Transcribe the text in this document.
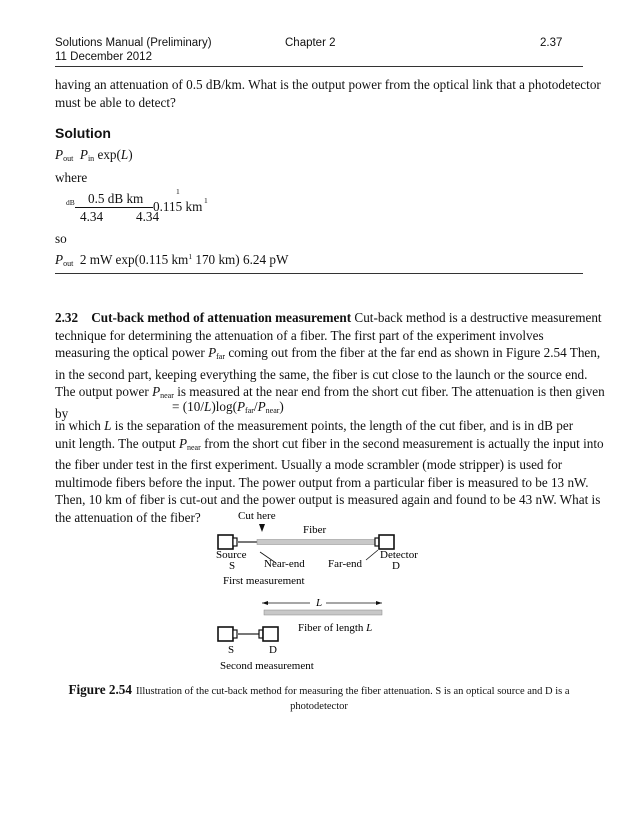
Solutions Manual (Preliminary)
11 December 2012
Chapter 2	2.37
having an attenuation of 0.5 dB/km. What is the output power from the optical link that a photodetector
must be able to detect?
Solution
$P_{out}$ $P_{in}$ exp(L)
where
dB 0.5 dB km	1
4.34 4.34
0.115 km 1
so
$P_{out}$ 2 mW exp(0.115 $km^1$ 170 km) 6.24 pW
2.32 Cut-back method of attenuation measurement Cut-back method is a destructive measurement
technique for determining the attenuation of a fiber. The first part of the experiment involves
measuring the optical power $P_{far}$ coming out from the fiber at the far end as shown in Figure 2.54 Then,
in the second part, keeping everything the same, the fiber is cut close to the launch or the source end.
The output power $P_{near}$ is measured at the near end from the short cut fiber. The attenuation is then given
by	= $(10/L)\log(P_{far}/P_{near})$
in which L is the separation of the measurement points, the length of the cut fiber, and is in dB per
unit length. The output $P_{near}$ from the short cut fiber in the second measurement is actually the input into
the fiber under test in the first experiment. Usually a mode scrambler (mode stripper) is used for
multimode fibers before the input. The power output from a particular fiber is measured to be 13 nW.
Then, 10 km of fiber is cut-out and the power output is measured again and found to be 43 nW. What is
the attenuation of the fiber?	Cut here
Fiber
Source
S	Near-end Far-end
Detector
D
First measurement
L
Fiber of length L
S	D
Second measurement
Figure 2.54 Illustration of the cut-back method for measuring the fiber attenuation. S is an optical source and D is a
photodetector
